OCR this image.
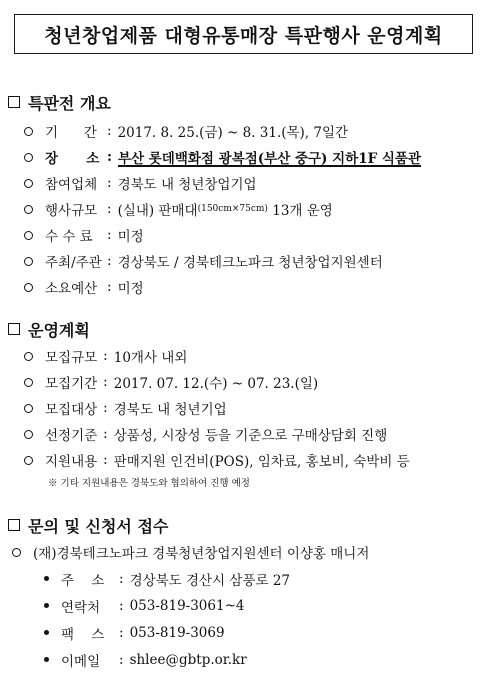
청년창업제품 대형유통매장 특판행사 운영계획
특판전 개요
기      간 : 2017. 8. 25.(금) ~ 8. 31.(목), 7일간
장      소 : 부산 롯데백화점 광복점(부산 중구) 지하1F 식품관
참여업체 : 경북도 내 청년창업기업
행사규모 : (실내) 판매대 (150cm×75cm) 13개 운영
수 수 료	: 미정
주최/주관 : 경상북도 / 경북테크노파크 청년창업지원센터
소요예산 : 미정
운영계획
모집규모 : 10개사 내외
모집기간 : 2017. 07. 12.(수) ~ 07. 23.(일)
모집대상 : 경북도 내 청년기업
선정기준 : 상품성, 시장성 등을 기준으로 구매상담회 진행
지원내용 : 판매지원 인건비(POS), 임차료, 홍보비, 숙박비 등
※ 기타 지원내용은 경북도와 협의하여 진행 예정
문의 및 신청서 접수
(재)경북테크노파크 경북청년창업지원센터 이샹홍 매니저
주    소	: 경상북도 경산시 삼풍로 27
연락처	: 053-819-3061~4
팩    스	: 053-819-3069
이메일	: shlee@gbtp.or.kr
